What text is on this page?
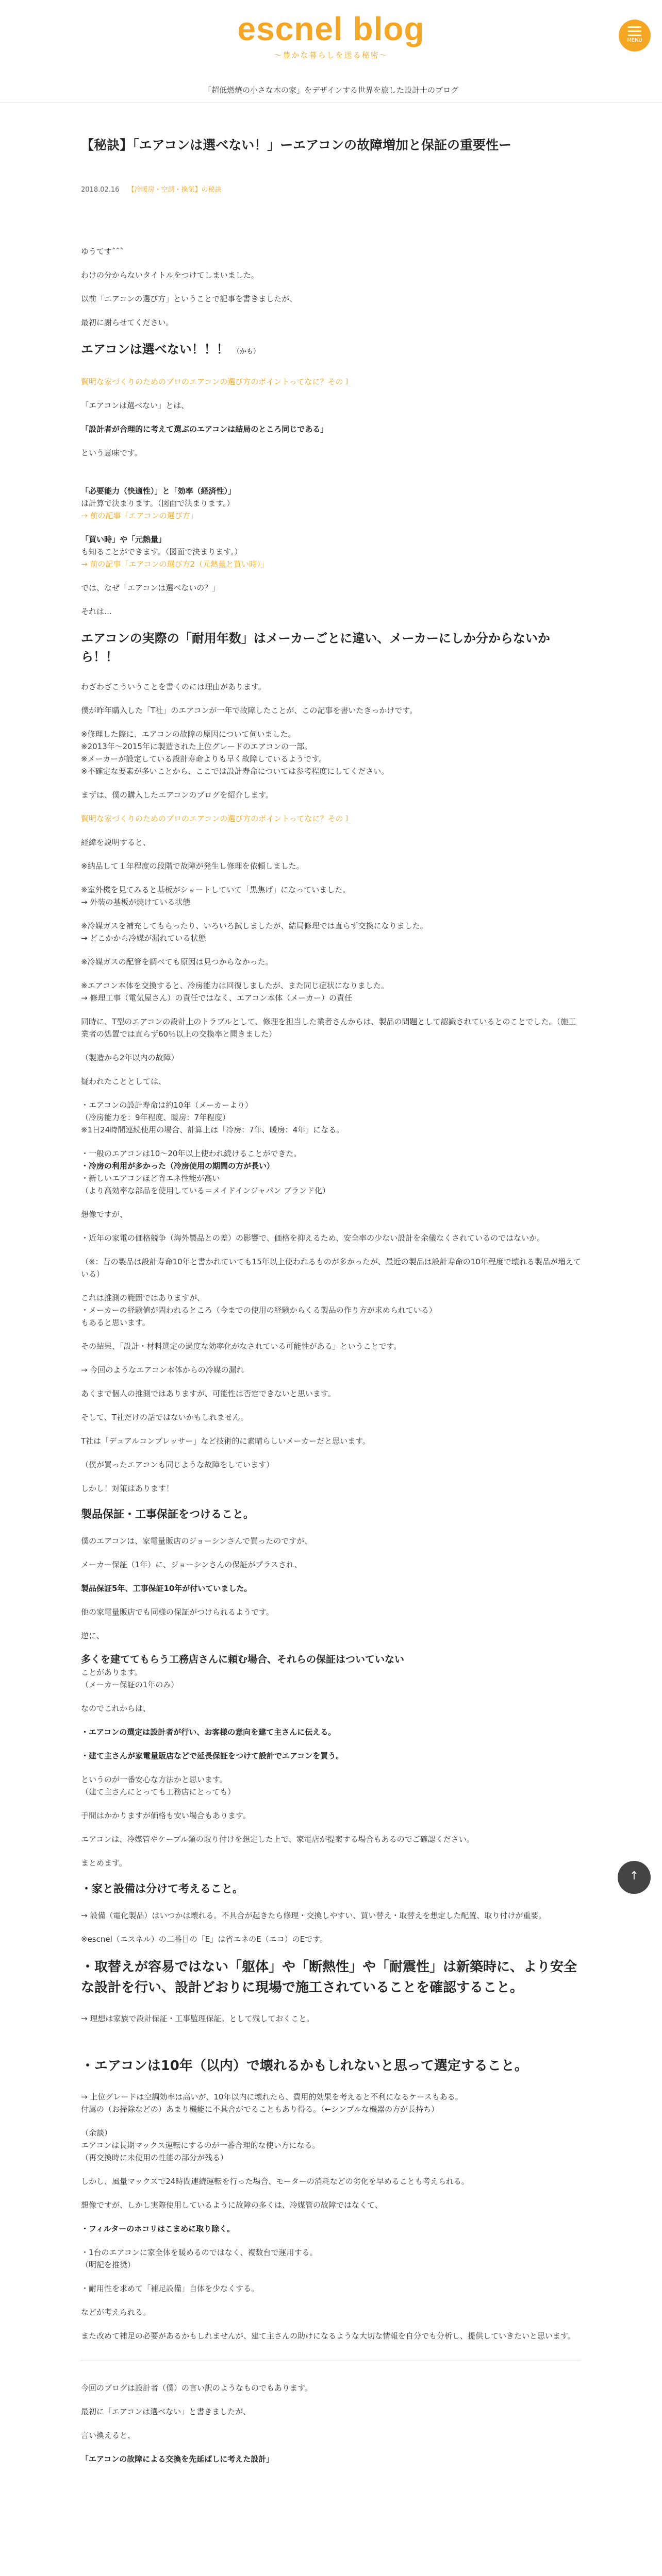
escnel blog
〜豊かな暮らしを送る秘密〜
「超低燃焼の小さな木の家」をデザインする世界を旅した設計士のブログ
MENU
【秘訣】「エアコンは選べない！」ーエアコンの故障増加と保証の重要性ー
2018.02.16 【冷暖房・空調・換気】の秘訣

ゆうてすˆˆˆ

わけの分からないタイトルをつけてしまいました。

以前「エアコンの選び方」ということで記事を書きましたが、

最初に謝らせてください。

エアコンは選べない！！！ （かも）

賢明な家づくりのためのプロのエアコンの選び方のポイントってなに？その１

「エアコンは選べない」とは、

「設計者が合理的に考えて選ぶのエアコンは結局のところ同じである」

という意味です。

「必要能力（快適性）」と「効率（経済性）」
は計算で決まります。（図面で決まります。）
→ 前の記事「エアコンの選び方」

「買い時」や「元熱量」
も知ることができます。（図面で決まります。）
→ 前の記事「エアコンの選び方2（元熱量と買い時）」

では、なぜ「エアコンは選べないの？」

それは…

エアコンの実際の「耐用年数」はメーカーごとに違い、メーカーにしか分からないから！！

わざわざこういうことを書くのには理由があります。

僕が昨年購入した「T社」のエアコンが一年で故障したことが、この記事を書いたきっかけです。

※修理した際に、エアコンの故障の原因について伺いました。
※2013年〜2015年に製造された上位グレードのエアコンの一部。
※メーカーが設定している設計寿命よりも早く故障しているようです。
※不確定な要素が多いことから、ここでは設計寿命については参考程度にしてください。

まずは、僕の購入したエアコンのブログを紹介します。

賢明な家づくりのためのプロのエアコンの選び方のポイントってなに？その１

経緯を説明すると、

※納品して１年程度の段階で故障が発生し修理を依頼しました。

※室外機を見てみると基板がショートしていて「黒焦げ」になっていました。
→ 外装の基板が焼けている状態

※冷媒ガスを補充してもらったり、いろいろ試しましたが、結局修理では直らず交換になりました。
→ どこかから冷媒が漏れている状態

※冷媒ガスの配管を調べても原因は見つからなかった。

※エアコン本体を交換すると、冷房能力は回復しましたが、また同じ症状になりました。
→ 修理工事（電気屋さん）の責任ではなく、エアコン本体（メーカー）の責任

同時に、T型のエアコンの設計上のトラブルとして、修理を担当した業者さんからは、製品の問題として認識されているとのことでした。（施工業者の処置では直らず60％以上の交換率と聞きました）

（製造から2年以内の故障）

疑われたこととしては、

・エアコンの設計寿命は約10年（メーカーより）
（冷房能力を：9年程度、暖房：7年程度）
※1日24時間連続使用の場合、計算上は「冷房：7年、暖房：4年」になる。

・一般のエアコンは10〜20年以上使われ続けることができた。
・冷房の利用が多かった（冷房使用の期間の方が長い）
・新しいエアコンほど省エネ性能が高い
（より高効率な部品を使用している＝メイドインジャパン ブランド化）

想像ですが、

・近年の家電の価格競争（海外製品との差）の影響で、価格を抑えるため、安全率の少ない設計を余儀なくされているのではないか。

（※：昔の製品は設計寿命10年と書かれていても15年以上使われるものが多かったが、最近の製品は設計寿命の10年程度で壊れる製品が増えている）

これは推測の範囲ではありますが、
・メーカーの経験値が問われるところ（今までの使用の経験からくる製品の作り方が求められている）
もあると思います。

その結果、「設計・材料選定の過度な効率化がなされている可能性がある」ということです。

→ 今回のようなエアコン本体からの冷媒の漏れ

あくまで個人の推測ではありますが、可能性は否定できないと思います。

そして、T社だけの話ではないかもしれません。

T社は「デュアルコンプレッサー」など技術的に素晴らしいメーカーだと思います。

（僕が買ったエアコンも同じような故障をしています）

しかし！対策はあります！

製品保証・工事保証をつけること。

僕のエアコンは、家電量販店のジョーシンさんで買ったのですが、

メーカー保証（1年）に、ジョーシンさんの保証がプラスされ、

製品保証5年、工事保証10年が付いていました。

他の家電量販店でも同様の保証がつけられるようです。

逆に、

多くを建ててもらう工務店さんに頼む場合、それらの保証はついていない
ことがあります。
（メーカー保証の1年のみ）

なのでこれからは、

・エアコンの選定は設計者が行い、お客様の意向を建て主さんに伝える。

・建て主さんが家電量販店などで延長保証をつけて設計でエアコンを買う。

というのが一番安心な方法かと思います。
（建て主さんにとっても工務店にとっても）

手間はかかりますが価格も安い場合もあります。

エアコンは、冷媒管やケーブル類の取り付けを想定した上で、家電店が提案する場合もあるのでご確認ください。

まとめます。

・家と設備は分けて考えること。

→ 設備（電化製品）はいつかは壊れる。不具合が起きたら修理・交換しやすい、買い替え・取替えを想定した配置、取り付けが重要。

※escnel（エスネル）の二番目の「E」は省エネのE（エコ）のEです。

・取替えが容易ではない「躯体」や「断熱性」や「耐震性」は新築時に、より安全な設計を行い、設計どおりに現場で施工されていることを確認すること。

→ 理想は家族で設計保証・工事監理保証。として残しておくこと。

・エアコンは10年（以内）で壊れるかもしれないと思って選定すること。

→ 上位グレードは空調効率は高いが、10年以内に壊れたら、費用的効果を考えると不利になるケースもある。
付属の（お掃除などの）あまり機能に不具合がでることもあり得る。（←シンプルな機器の方が長持ち）

（余談）
エアコンは長期マックス運転にするのが一番合理的な使い方になる。
（再交換時に未使用の性能の部分が残る）

しかし、風量マックスで24時間連続運転を行った場合、モーターの消耗などの劣化を早めることも考えられる。

想像ですが、しかし実際使用しているように故障の多くは、冷媒管の故障ではなくて、

・フィルターのホコリはこまめに取り除く。

・1台のエアコンに家全体を暖めるのではなく、複数台で運用する。
（明記を推奨）

・耐用性を求めて「補足設備」自体を少なくする。

などが考えられる。

また改めて補足の必要があるかもしれませんが、建て主さんの助けになるような大切な情報を自分でも分析し、提供していきたいと思います。

今回のブログは設計者（僕）の言い訳のようなものでもあります。

最初に「エアコンは選べない」と書きましたが、

言い換えると、

「エアコンの故障による交換を先延ばしに考えた設計」

↑
